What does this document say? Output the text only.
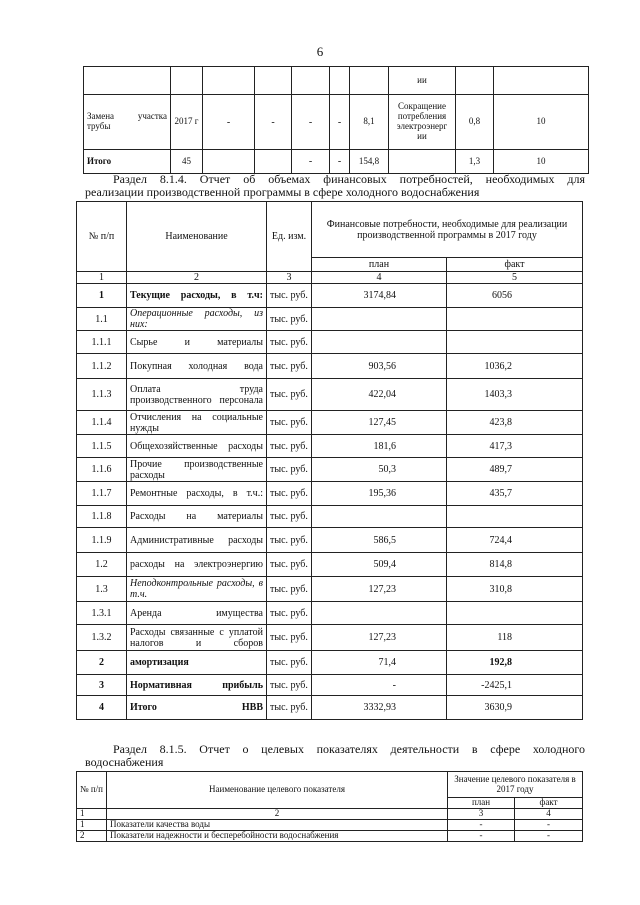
6
							ии		
Замена участка трубы	2017 г	-	-	-	-	8,1	Сокращение потребления электроэнерг ии	0,8	10
Итого	45			-	-	154,8		1,3	10
Раздел 8.1.4. Отчет об объемах финансовых потребностей, необходимых для
реализации производственной программы в сфере холодного водоснабжения
№ п/п	Наименование	Ед. изм.	Финансовые потребности, необходимые для реализации производственной программы в 2017 году	
			план	факт
1	2	3	4	5
1	Текущие расходы, в т.ч:	тыс. руб.	3174,84	6056
1.1	Операционные расходы, из них:	тыс. руб.		
1.1.1	Сырье и материалы	тыс. руб.		
1.1.2	Покупная холодная вода	тыс. руб.	903,56	1036,2
1.1.3	Оплата труда производственного персонала	тыс. руб.	422,04	1403,3
1.1.4	Отчисления на социальные нужды	тыс. руб.	127,45	423,8
1.1.5	Общехозяйственные расходы	тыс. руб.	181,6	417,3
1.1.6	Прочие производственные расходы	тыс. руб.	50,3	489,7
1.1.7	Ремонтные расходы, в т.ч.:	тыс. руб.	195,36	435,7
1.1.8	Расходы на материалы	тыс. руб.		
1.1.9	Административные расходы	тыс. руб.	586,5	724,4
1.2	расходы на электроэнергию	тыс. руб.	509,4	814,8
1.3	Неподконтрольные расходы, в т.ч.	тыс. руб.	127,23	310,8
1.3.1	Аренда имущества	тыс. руб.		
1.3.2	Расходы связанные с уплатой налогов и сборов	тыс. руб.	127,23	118
2	амортизация	тыс. руб.	71,4	192,8
3	Нормативная прибыль	тыс. руб.	-	-2425,1
4	Итого НВВ	тыс. руб.	3332,93	3630,9
Раздел 8.1.5. Отчет о целевых показателях деятельности в сфере холодного
водоснабжения
№ п/п	Наименование целевого показателя	Значение целевого показателя в 2017 году	
		план	факт
1	2	3	4
1	Показатели качества воды	-	-
2	Показатели надежности и бесперебойности водоснабжения	-	-
